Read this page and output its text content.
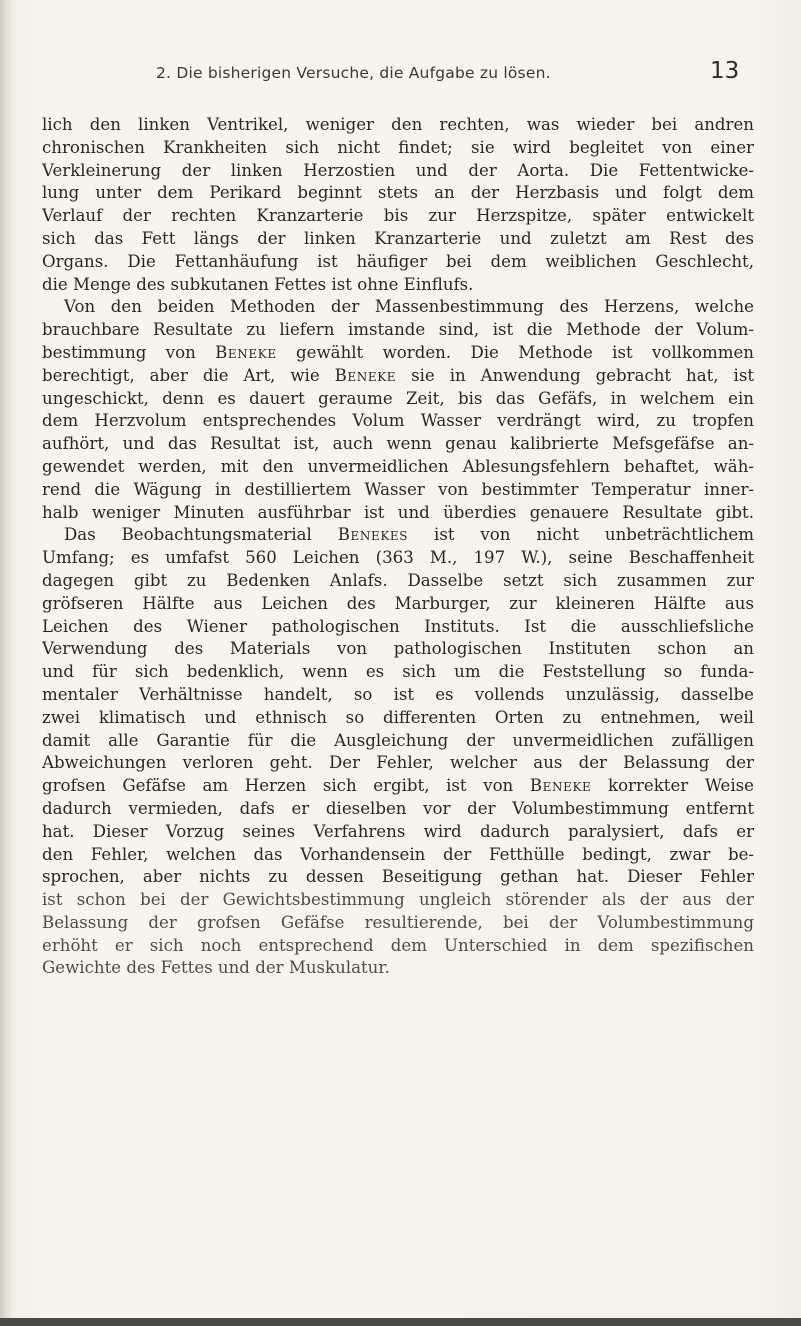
2. Die bisherigen Versuche, die Aufgabe zu lösen.	13
lich den linken Ventrikel, weniger den rechten, was wieder bei andren
chronischen Krankheiten sich nicht findet; sie wird begleitet von einer
Verkleinerung der linken Herzostien und der Aorta. Die Fettentwicke-
lung unter dem Perikard beginnt stets an der Herzbasis und folgt dem
Verlauf der rechten Kranzarterie bis zur Herzspitze, später entwickelt
sich das Fett längs der linken Kranzarterie und zuletzt am Rest des
Organs. Die Fettanhäufung ist häufiger bei dem weiblichen Geschlecht,
die Menge des subkutanen Fettes ist ohne Einflufs.
Von den beiden Methoden der Massenbestimmung des Herzens, welche
brauchbare Resultate zu liefern imstande sind, ist die Methode der Volum-
bestimmung von Beneke gewählt worden. Die Methode ist vollkommen
berechtigt, aber die Art, wie Beneke sie in Anwendung gebracht hat, ist
ungeschickt, denn es dauert geraume Zeit, bis das Gefäfs, in welchem ein
dem Herzvolum entsprechendes Volum Wasser verdrängt wird, zu tropfen
aufhört, und das Resultat ist, auch wenn genau kalibrierte Mefsgefäfse an-
gewendet werden, mit den unvermeidlichen Ablesungsfehlern behaftet, wäh-
rend die Wägung in destilliertem Wasser von bestimmter Temperatur inner-
halb weniger Minuten ausführbar ist und überdies genauere Resultate gibt.
Das Beobachtungsmaterial Benekes ist von nicht unbeträchtlichem
Umfang; es umfafst 560 Leichen (363 M., 197 W.), seine Beschaffenheit
dagegen gibt zu Bedenken Anlafs. Dasselbe setzt sich zusammen zur
gröfseren Hälfte aus Leichen des Marburger, zur kleineren Hälfte aus
Leichen des Wiener pathologischen Instituts. Ist die ausschliefsliche
Verwendung des Materials von pathologischen Instituten schon an
und für sich bedenklich, wenn es sich um die Feststellung so funda-
mentaler Verhältnisse handelt, so ist es vollends unzulässig, dasselbe
zwei klimatisch und ethnisch so differenten Orten zu entnehmen, weil
damit alle Garantie für die Ausgleichung der unvermeidlichen zufälligen
Abweichungen verloren geht. Der Fehler, welcher aus der Belassung der
grofsen Gefäfse am Herzen sich ergibt, ist von Beneke korrekter Weise
dadurch vermieden, dafs er dieselben vor der Volumbestimmung entfernt
hat. Dieser Vorzug seines Verfahrens wird dadurch paralysiert, dafs er
den Fehler, welchen das Vorhandensein der Fetthülle bedingt, zwar be-
sprochen, aber nichts zu dessen Beseitigung gethan hat. Dieser Fehler
ist schon bei der Gewichtsbestimmung ungleich störender als der aus der
Belassung der grofsen Gefäfse resultierende, bei der Volumbestimmung
erhöht er sich noch entsprechend dem Unterschied in dem spezifischen
Gewichte des Fettes und der Muskulatur.
